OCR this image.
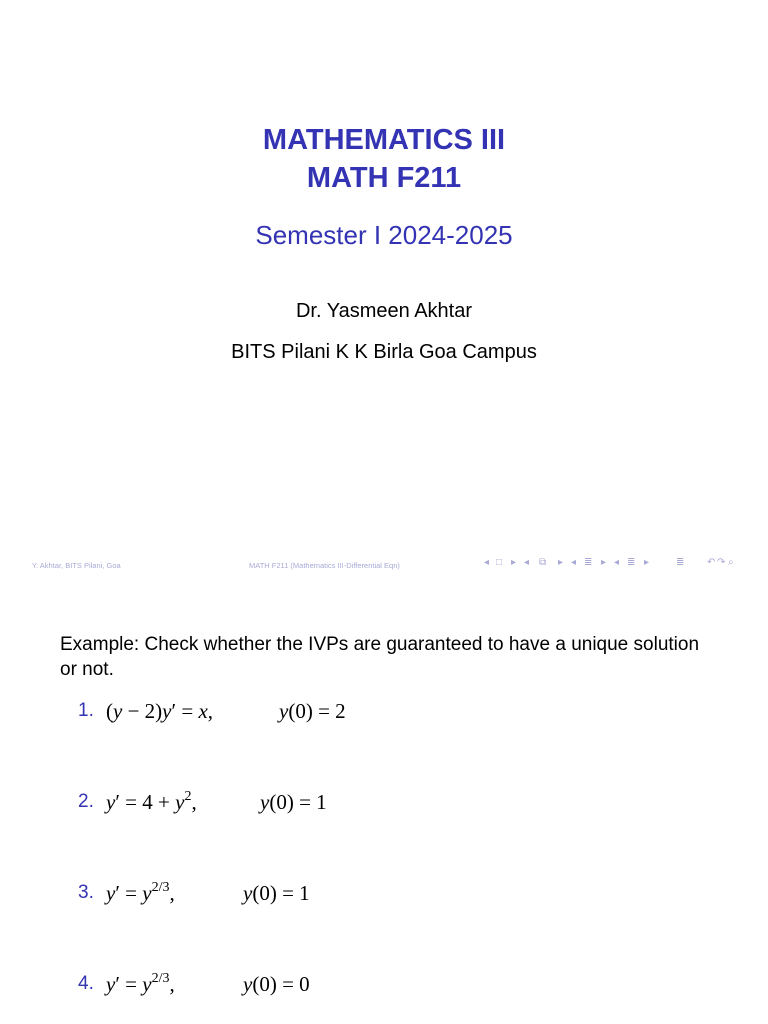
MATHEMATICS III
MATH F211
Semester I 2024-2025
Dr. Yasmeen Akhtar
BITS Pilani K K Birla Goa Campus
Y. Akhtar, BITS Pilani, Goa	MATH F211 (Mathematics III-Differential Eqn)	◂ □ ▸ ◂ ⧉ ▸ ◂ ≣ ▸ ◂ ≣ ▸	≣ ↶ ↷ ⌕
Example: Check whether the IVPs are guaranteed to have a unique solution or not.
1. (y − 2)y′ = x,	y(0) = 2
2. $y' = 4 + y^2$,	y(0) = 1
3. $y' = y^{2/3}$,	y(0) = 1
4. $y' = y^{2/3}$,	y(0) = 0
